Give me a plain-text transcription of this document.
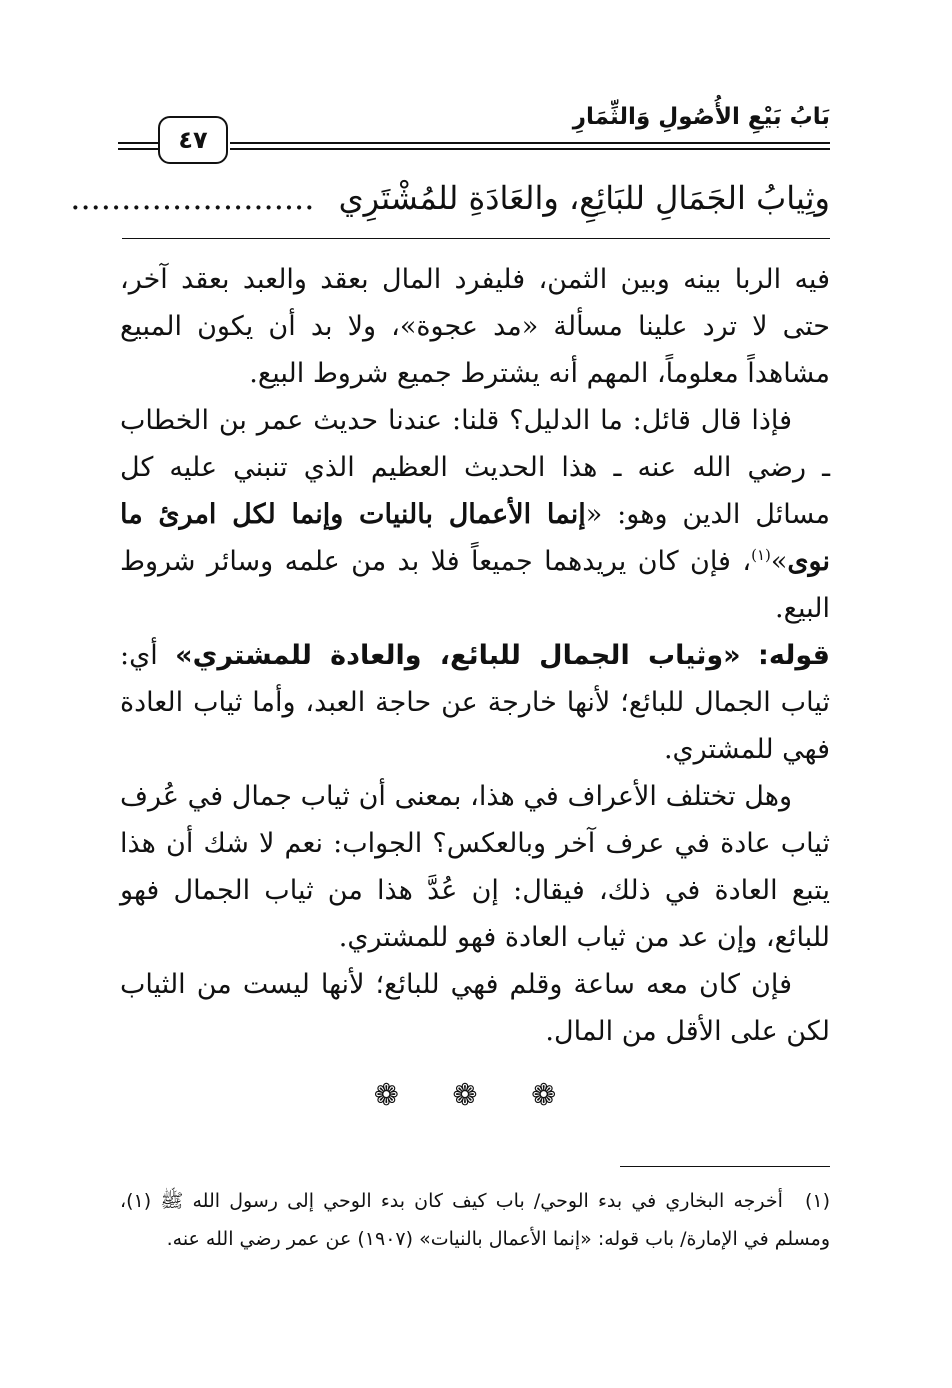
بَابُ بَيْعِ الأُصُولِ وَالثِّمَارِ
٤٧
وثِيابُ الجَمَالِ للبَائِعِ، والعَادَةِ للمُشْتَرِي ........................

فيه الربا بينه وبين الثمن، فليفرد المال بعقد والعبد بعقد آخر، حتى لا ترد علينا مسألة «مد عجوة»، ولا بد أن يكون المبيع مشاهداً معلوماً، المهم أنه يشترط جميع شروط البيع.

فإذا قال قائل: ما الدليل؟ قلنا: عندنا حديث عمر بن الخطاب ـ رضي الله عنه ـ هذا الحديث العظيم الذي تنبني عليه كل مسائل الدين وهو: «إنما الأعمال بالنيات وإنما لكل امرئ ما نوى»$^{(١)}$، فإن كان يريدهما جميعاً فلا بد من علمه وسائر شروط البيع.

قوله: «وثياب الجمال للبائع، والعادة للمشتري» أي: ثياب الجمال للبائع؛ لأنها خارجة عن حاجة العبد، وأما ثياب العادة فهي للمشتري.

وهل تختلف الأعراف في هذا، بمعنى أن ثياب جمال في عُرف ثياب عادة في عرف آخر وبالعكس؟ الجواب: نعم لا شك أن هذا يتبع العادة في ذلك، فيقال: إن عُدَّ هذا من ثياب الجمال فهو للبائع، وإن عد من ثياب العادة فهو للمشتري.

فإن كان معه ساعة وقلم فهي للبائع؛ لأنها ليست من الثياب لكن على الأقل من المال.

❁ ❁ ❁
(١)أخرجه البخاري في بدء الوحي/ باب كيف كان بدء الوحي إلى رسول الله ﷺ (١)، ومسلم في الإمارة/ باب قوله: «إنما الأعمال بالنيات» (١٩٠٧) عن عمر رضي الله عنه.
